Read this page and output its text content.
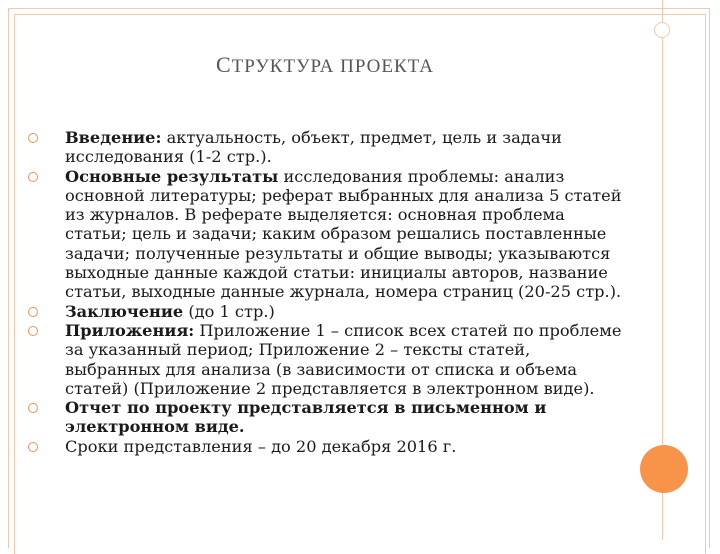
СТРУКТУРА ПРОЕКТА
Введение: актуальность, объект, предмет, цель и задачи исследования (1-2 стр.).
Основные результаты исследования проблемы: анализ основной литературы; реферат выбранных для анализа 5 статей из журналов. В реферате выделяется: основная проблема статьи; цель и задачи; каким образом решались поставленные задачи; полученные результаты и общие выводы; указываются выходные данные каждой статьи: инициалы авторов, название статьи, выходные данные журнала, номера страниц (20-25 стр.).
Заключение (до 1 стр.)
Приложения: Приложение 1 – список всех статей по проблеме за указанный период; Приложение 2 – тексты статей, выбранных для анализа (в зависимости от списка и объема статей) (Приложение 2 представляется в электронном виде).
Отчет по проекту представляется в письменном и электронном виде.
Сроки представления – до 20 декабря 2016 г.
